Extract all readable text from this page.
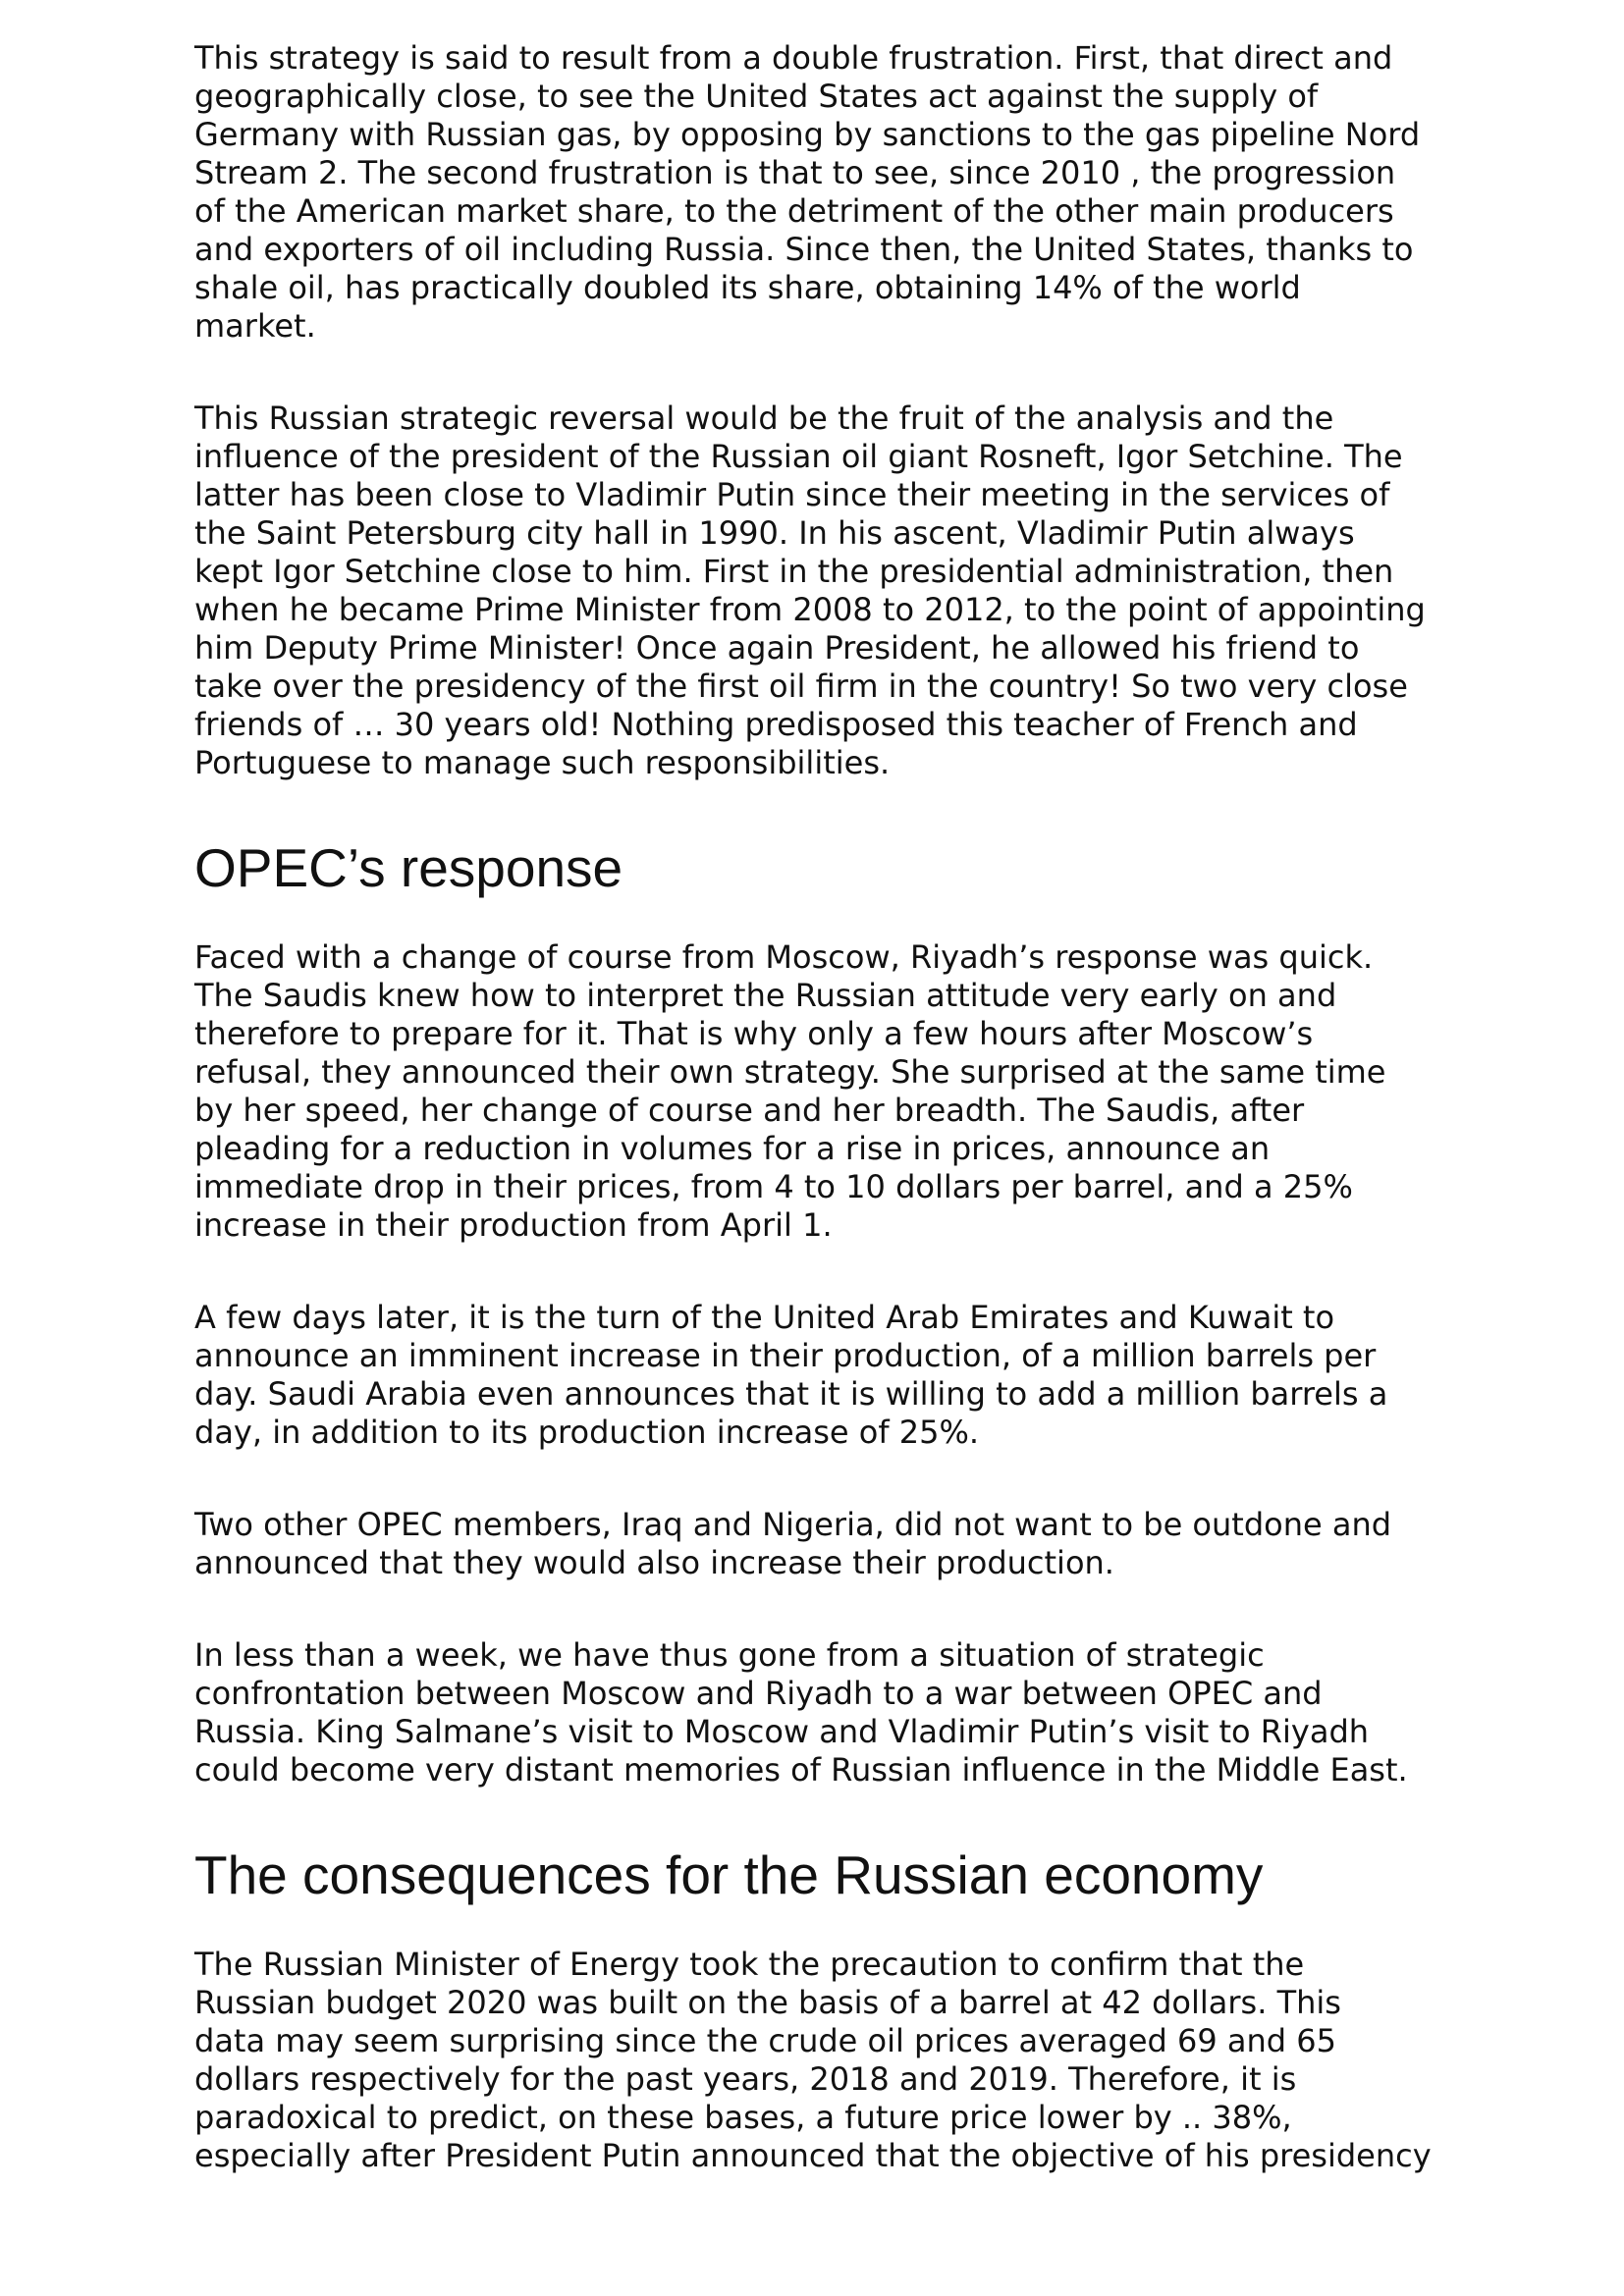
This strategy is said to result from a double frustration. First, that direct and
geographically close, to see the United States act against the supply of
Germany with Russian gas, by opposing by sanctions to the gas pipeline Nord
Stream 2. The second frustration is that to see, since 2010 , the progression
of the American market share, to the detriment of the other main producers
and exporters of oil including Russia. Since then, the United States, thanks to
shale oil, has practically doubled its share, obtaining 14% of the world
market.

This Russian strategic reversal would be the fruit of the analysis and the
influence of the president of the Russian oil giant Rosneft, Igor Setchine. The
latter has been close to Vladimir Putin since their meeting in the services of
the Saint Petersburg city hall in 1990. In his ascent, Vladimir Putin always
kept Igor Setchine close to him. First in the presidential administration, then
when he became Prime Minister from 2008 to 2012, to the point of appointing
him Deputy Prime Minister! Once again President, he allowed his friend to
take over the presidency of the first oil firm in the country! So two very close
friends of … 30 years old! Nothing predisposed this teacher of French and
Portuguese to manage such responsibilities.

OPEC’s response

Faced with a change of course from Moscow, Riyadh’s response was quick.
The Saudis knew how to interpret the Russian attitude very early on and
therefore to prepare for it. That is why only a few hours after Moscow’s
refusal, they announced their own strategy. She surprised at the same time
by her speed, her change of course and her breadth. The Saudis, after
pleading for a reduction in volumes for a rise in prices, announce an
immediate drop in their prices, from 4 to 10 dollars per barrel, and a 25%
increase in their production from April 1.

A few days later, it is the turn of the United Arab Emirates and Kuwait to
announce an imminent increase in their production, of a million barrels per
day. Saudi Arabia even announces that it is willing to add a million barrels a
day, in addition to its production increase of 25%.

Two other OPEC members, Iraq and Nigeria, did not want to be outdone and
announced that they would also increase their production.

In less than a week, we have thus gone from a situation of strategic
confrontation between Moscow and Riyadh to a war between OPEC and
Russia. King Salmane’s visit to Moscow and Vladimir Putin’s visit to Riyadh
could become very distant memories of Russian influence in the Middle East.

The consequences for the Russian economy

The Russian Minister of Energy took the precaution to confirm that the
Russian budget 2020 was built on the basis of a barrel at 42 dollars. This
data may seem surprising since the crude oil prices averaged 69 and 65
dollars respectively for the past years, 2018 and 2019. Therefore, it is
paradoxical to predict, on these bases, a future price lower by .. 38%,
especially after President Putin announced that the objective of his presidency
